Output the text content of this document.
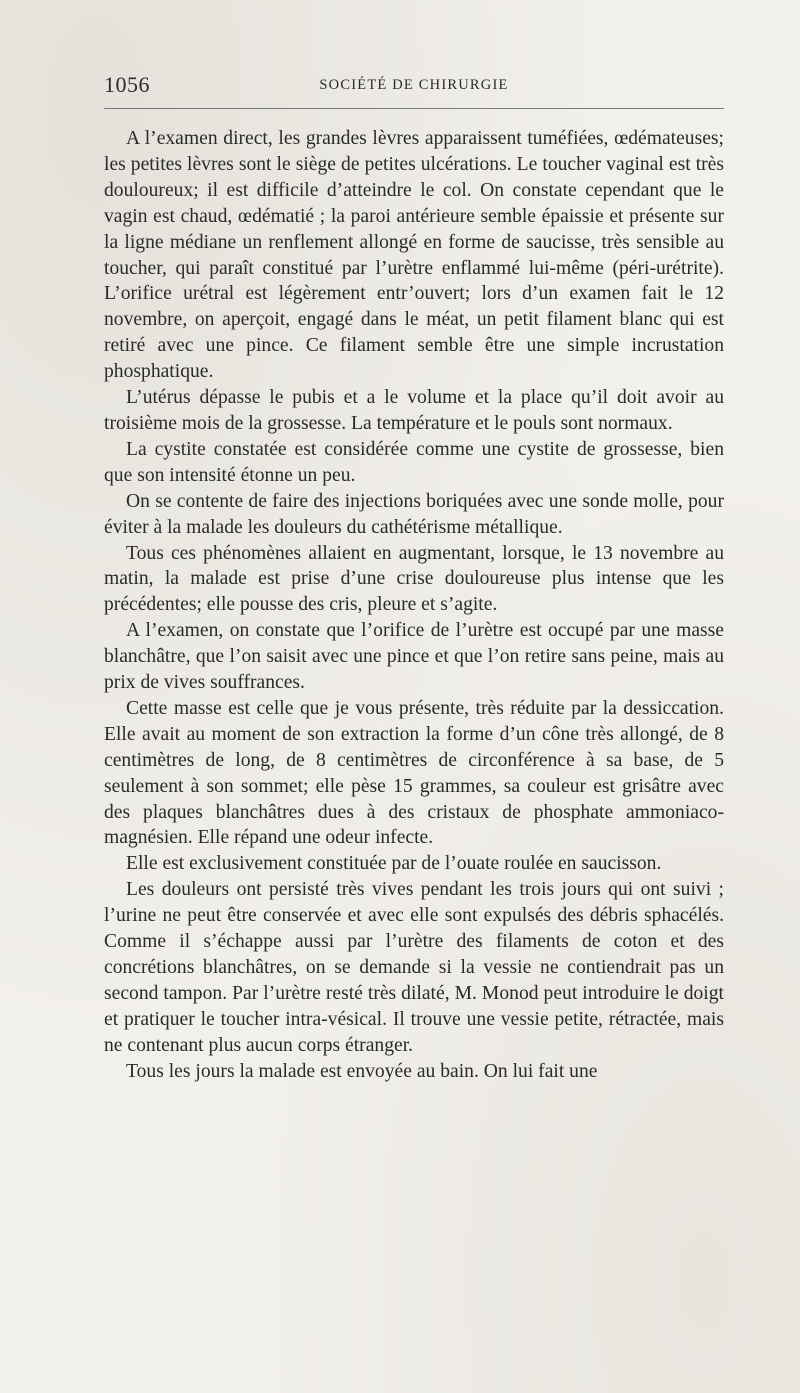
1056	SOCIÉTÉ DE CHIRURGIE

A l’examen direct, les grandes lèvres apparaissent tuméfiées, œdémateuses; les petites lèvres sont le siège de petites ulcérations. Le toucher vaginal est très douloureux; il est difficile d’atteindre le col. On constate cependant que le vagin est chaud, œdématié ; la paroi antérieure semble épaissie et présente sur la ligne médiane un renflement allongé en forme de saucisse, très sensible au toucher, qui paraît constitué par l’urètre enflammé lui-même (péri-urétrite). L’orifice urétral est légèrement entr’ouvert; lors d’un examen fait le 12 novembre, on aperçoit, engagé dans le méat, un petit filament blanc qui est retiré avec une pince. Ce filament semble être une simple incrustation phosphatique.

L’utérus dépasse le pubis et a le volume et la place qu’il doit avoir au troisième mois de la grossesse. La température et le pouls sont normaux.

La cystite constatée est considérée comme une cystite de grossesse, bien que son intensité étonne un peu.

On se contente de faire des injections boriquées avec une sonde molle, pour éviter à la malade les douleurs du cathétérisme métallique.

Tous ces phénomènes allaient en augmentant, lorsque, le 13 novembre au matin, la malade est prise d’une crise douloureuse plus intense que les précédentes; elle pousse des cris, pleure et s’agite.

A l’examen, on constate que l’orifice de l’urètre est occupé par une masse blanchâtre, que l’on saisit avec une pince et que l’on retire sans peine, mais au prix de vives souffrances.

Cette masse est celle que je vous présente, très réduite par la dessiccation. Elle avait au moment de son extraction la forme d’un cône très allongé, de 8 centimètres de long, de 8 centimètres de circonférence à sa base, de 5 seulement à son sommet; elle pèse 15 grammes, sa couleur est grisâtre avec des plaques blanchâtres dues à des cristaux de phosphate ammoniaco-magnésien. Elle répand une odeur infecte.

Elle est exclusivement constituée par de l’ouate roulée en saucisson.

Les douleurs ont persisté très vives pendant les trois jours qui ont suivi ; l’urine ne peut être conservée et avec elle sont expulsés des débris sphacélés. Comme il s’échappe aussi par l’urètre des filaments de coton et des concrétions blanchâtres, on se demande si la vessie ne contiendrait pas un second tampon. Par l’urètre resté très dilaté, M. Monod peut introduire le doigt et pratiquer le toucher intra-vésical. Il trouve une vessie petite, rétractée, mais ne contenant plus aucun corps étranger.

Tous les jours la malade est envoyée au bain. On lui fait une
